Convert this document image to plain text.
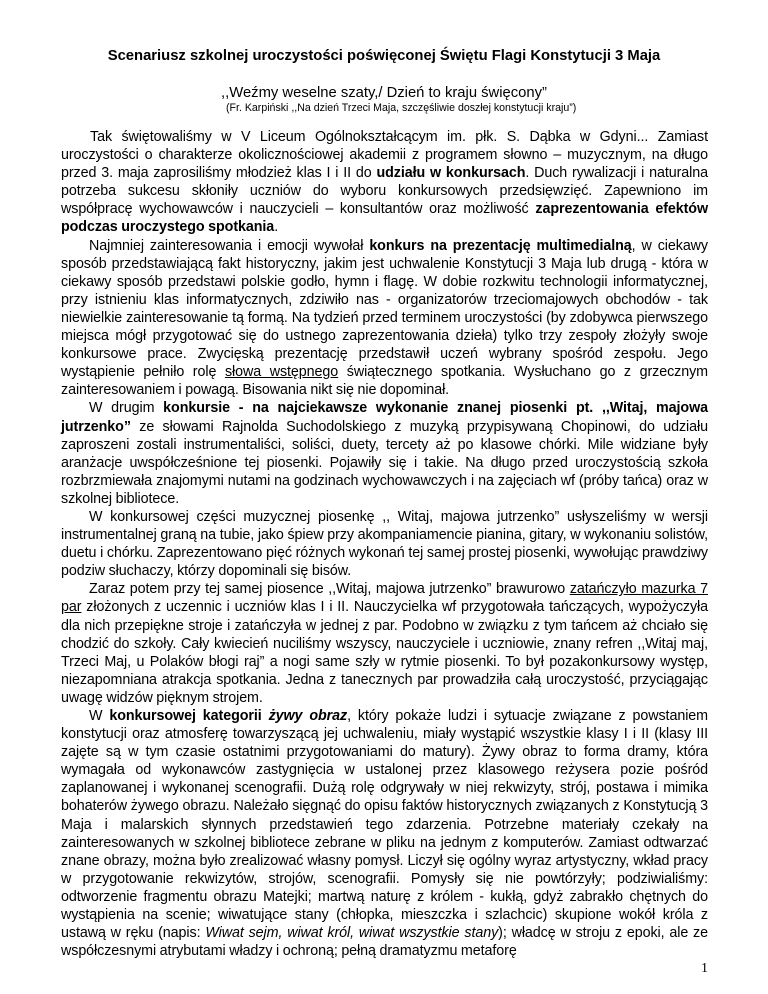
Scenariusz szkolnej uroczystości poświęconej Świętu Flagi Konstytucji 3 Maja
,,Weźmy weselne szaty,/ Dzień to kraju święcony”
(Fr. Karpiński ,,Na dzień Trzeci Maja, szczęśliwie doszłej konstytucji kraju”)

Tak świętowaliśmy w V Liceum Ogólnokształcącym im. płk. S. Dąbka w Gdyni... Zamiast uroczystości o charakterze okolicznościowej akademii z programem słowno – muzycznym, na długo przed 3. maja zaprosiliśmy młodzież klas I i II do udziału w konkursach. Duch rywalizacji i naturalna potrzeba sukcesu skłoniły uczniów do wyboru konkursowych przedsięwzięć. Zapewniono im współpracę wychowawców i nauczycieli – konsultantów oraz możliwość zaprezentowania efektów podczas uroczystego spotkania.

Najmniej zainteresowania i emocji wywołał konkurs na prezentację multimedialną, w ciekawy sposób przedstawiającą fakt historyczny, jakim jest uchwalenie Konstytucji 3 Maja lub drugą - która w ciekawy sposób przedstawi polskie godło, hymn i flagę. W dobie rozkwitu technologii informatycznej, przy istnieniu klas informatycznych, zdziwiło nas - organizatorów trzeciomajowych obchodów - tak niewielkie zainteresowanie tą formą. Na tydzień przed terminem uroczystości (by zdobywca pierwszego miejsca mógł przygotować się do ustnego zaprezentowania dzieła) tylko trzy zespoły złożyły swoje konkursowe prace. Zwycięską prezentację przedstawił uczeń wybrany spośród zespołu. Jego wystąpienie pełniło rolę słowa wstępnego świątecznego spotkania. Wysłuchano go z grzecznym zainteresowaniem i powagą. Bisowania nikt się nie dopominał.

W drugim konkursie - na najciekawsze wykonanie znanej piosenki pt. ,,Witaj, majowa jutrzenko” ze słowami Rajnolda Suchodolskiego z muzyką przypisywaną Chopinowi, do udziału zaproszeni zostali instrumentaliści, soliści, duety, tercety aż po klasowe chórki. Mile widziane były aranżacje uwspółcześnione tej piosenki. Pojawiły się i takie. Na długo przed uroczystością szkoła rozbrzmiewała znajomymi nutami na godzinach wychowawczych i na zajęciach wf (próby tańca) oraz w szkolnej bibliotece.

W konkursowej części muzycznej piosenkę ,, Witaj, majowa jutrzenko” usłyszeliśmy w wersji instrumentalnej graną na tubie, jako śpiew przy akompaniamencie pianina, gitary, w wykonaniu solistów, duetu i chórku. Zaprezentowano pięć różnych wykonań tej samej prostej piosenki, wywołując prawdziwy podziw słuchaczy, którzy dopominali się bisów.

Zaraz potem przy tej samej piosence ,,Witaj, majowa jutrzenko” brawurowo zatańczyło mazurka 7 par złożonych z uczennic i uczniów klas I i II. Nauczycielka wf przygotowała tańczących, wypożyczyła dla nich przepiękne stroje i zatańczyła w jednej z par. Podobno w związku z tym tańcem aż chciało się chodzić do szkoły. Cały kwiecień nuciliśmy wszyscy, nauczyciele i uczniowie, znany refren ,,Witaj maj, Trzeci Maj, u Polaków błogi raj” a nogi same szły w rytmie piosenki. To był pozakonkursowy występ, niezapomniana atrakcja spotkania. Jedna z tanecznych par prowadziła całą uroczystość, przyciągając uwagę widzów pięknym strojem.

W konkursowej kategorii żywy obraz, który pokaże ludzi i sytuacje związane z powstaniem konstytucji oraz atmosferę towarzyszącą jej uchwaleniu, miały wystąpić wszystkie klasy I i II (klasy III zajęte są w tym czasie ostatnimi przygotowaniami do matury). Żywy obraz to forma dramy, która wymagała od wykonawców zastygnięcia w ustalonej przez klasowego reżysera pozie pośród zaplanowanej i wykonanej scenografii. Dużą rolę odgrywały w niej rekwizyty, strój, postawa i mimika bohaterów żywego obrazu. Należało sięgnąć do opisu faktów historycznych związanych z Konstytucją 3 Maja i malarskich słynnych przedstawień tego zdarzenia. Potrzebne materiały czekały na zainteresowanych w szkolnej bibliotece zebrane w pliku na jednym z komputerów. Zamiast odtwarzać znane obrazy, można było zrealizować własny pomysł. Liczył się ogólny wyraz artystyczny, wkład pracy w przygotowanie rekwizytów, strojów, scenografii. Pomysły się nie powtórzyły; podziwialiśmy: odtworzenie fragmentu obrazu Matejki; martwą naturę z królem - kukłą, gdyż zabrakło chętnych do wystąpienia na scenie; wiwatujące stany (chłopka, mieszczka i szlachcic) skupione wokół króla z ustawą w ręku (napis: Wiwat sejm, wiwat król, wiwat wszystkie stany); władcę w stroju z epoki, ale ze współczesnymi atrybutami władzy i ochroną; pełną dramatyzmu metaforę

1
